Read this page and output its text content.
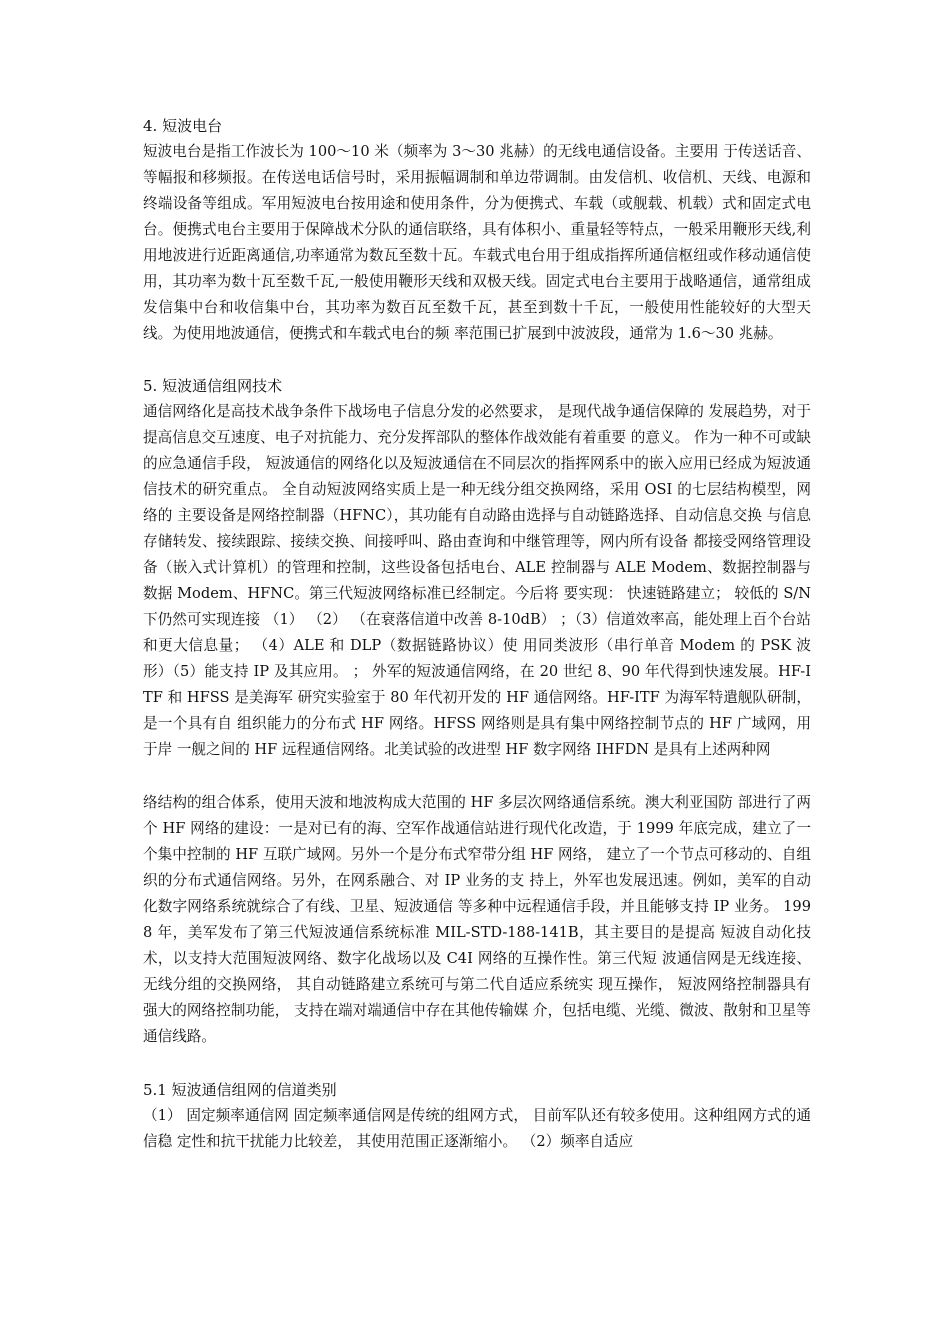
4. 短波电台

短波电台是指工作波长为 100～10 米（频率为 3～30 兆赫）的无线电通信设备。主要用 于传送话音、等幅报和移频报。在传送电话信号时，采用振幅调制和单边带调制。由发信机、收信机、天线、电源和终端设备等组成。军用短波电台按用途和使用条件，分为便携式、车载（或舰载、机载）式和固定式电台。便携式电台主要用于保障战术分队的通信联络，具有体积小、重量轻等特点，一般采用鞭形天线,利用地波进行近距离通信,功率通常为数瓦至数十瓦。车载式电台用于组成指挥所通信枢纽或作移动通信使用，其功率为数十瓦至数千瓦,一般使用鞭形天线和双极天线。固定式电台主要用于战略通信，通常组成发信集中台和收信集中台，其功率为数百瓦至数千瓦，甚至到数十千瓦，一般使用性能较好的大型天线。为使用地波通信，便携式和车载式电台的频 率范围已扩展到中波波段，通常为 1.6～30 兆赫。

5. 短波通信组网技术

通信网络化是高技术战争条件下战场电子信息分发的必然要求， 是现代战争通信保障的 发展趋势，对于提高信息交互速度、电子对抗能力、充分发挥部队的整体作战效能有着重要 的意义。 作为一种不可或缺的应急通信手段， 短波通信的网络化以及短波通信在不同层次的指挥网系中的嵌入应用已经成为短波通信技术的研究重点。 全自动短波网络实质上是一种无线分组交换网络，采用 OSI 的七层结构模型，网络的 主要设备是网络控制器（HFNC），其功能有自动路由选择与自动链路选择、自动信息交换 与信息存储转发、接续跟踪、接续交换、间接呼叫、路由查询和中继管理等，网内所有设备 都接受网络管理设备（嵌入式计算机）的管理和控制，这些设备包括电台、ALE 控制器与 ALE Modem、数据控制器与数据 Modem、HFNC。第三代短波网络标准已经制定。今后将 要实现： 快速链路建立； 较低的 S/N 下仍然可实现连接 （1） （2） （在衰落信道中改善 8-10dB） ；（3）信道效率高，能处理上百个台站和更大信息量； （4）ALE 和 DLP（数据链路协议）使 用同类波形（串行单音 Modem 的 PSK 波形）（5）能支持 IP 及其应用。 ； 外军的短波通信网络，在 20 世纪 8、90 年代得到快速发展。HF-ITF 和 HFSS 是美海军 研究实验室于 80 年代初开发的 HF 通信网络。HF-ITF 为海军特遣舰队研制，是一个具有自 组织能力的分布式 HF 网络。HFSS 网络则是具有集中网络控制节点的 HF 广域网，用于岸 一舰之间的 HF 远程通信网络。北美试验的改进型 HF 数字网络 IHFDN 是具有上述两种网

络结构的组合体系，使用天波和地波构成大范围的 HF 多层次网络通信系统。澳大利亚国防 部进行了两个 HF 网络的建设：一是对已有的海、空军作战通信站进行现代化改造，于 1999 年底完成，建立了一个集中控制的 HF 互联广域网。另外一个是分布式窄带分组 HF 网络， 建立了一个节点可移动的、自组织的分布式通信网络。另外，在网系融合、对 IP 业务的支 持上，外军也发展迅速。例如，美军的自动化数字网络系统就综合了有线、卫星、短波通信 等多种中远程通信手段，并且能够支持 IP 业务。 1998 年，美军发布了第三代短波通信系统标准 MIL-STD-188-141B，其主要目的是提高 短波自动化技术，以支持大范围短波网络、数字化战场以及 C4I 网络的互操作性。第三代短 波通信网是无线连接、 无线分组的交换网络， 其自动链路建立系统可与第二代自适应系统实 现互操作， 短波网络控制器具有强大的网络控制功能， 支持在端对端通信中存在其他传输媒 介，包括电缆、光缆、微波、散射和卫星等通信线路。

5.1 短波通信组网的信道类别

（1） 固定频率通信网 固定频率通信网是传统的组网方式， 目前军队还有较多使用。这种组网方式的通信稳 定性和抗干扰能力比较差， 其使用范围正逐渐缩小。 （2）频率自适应
